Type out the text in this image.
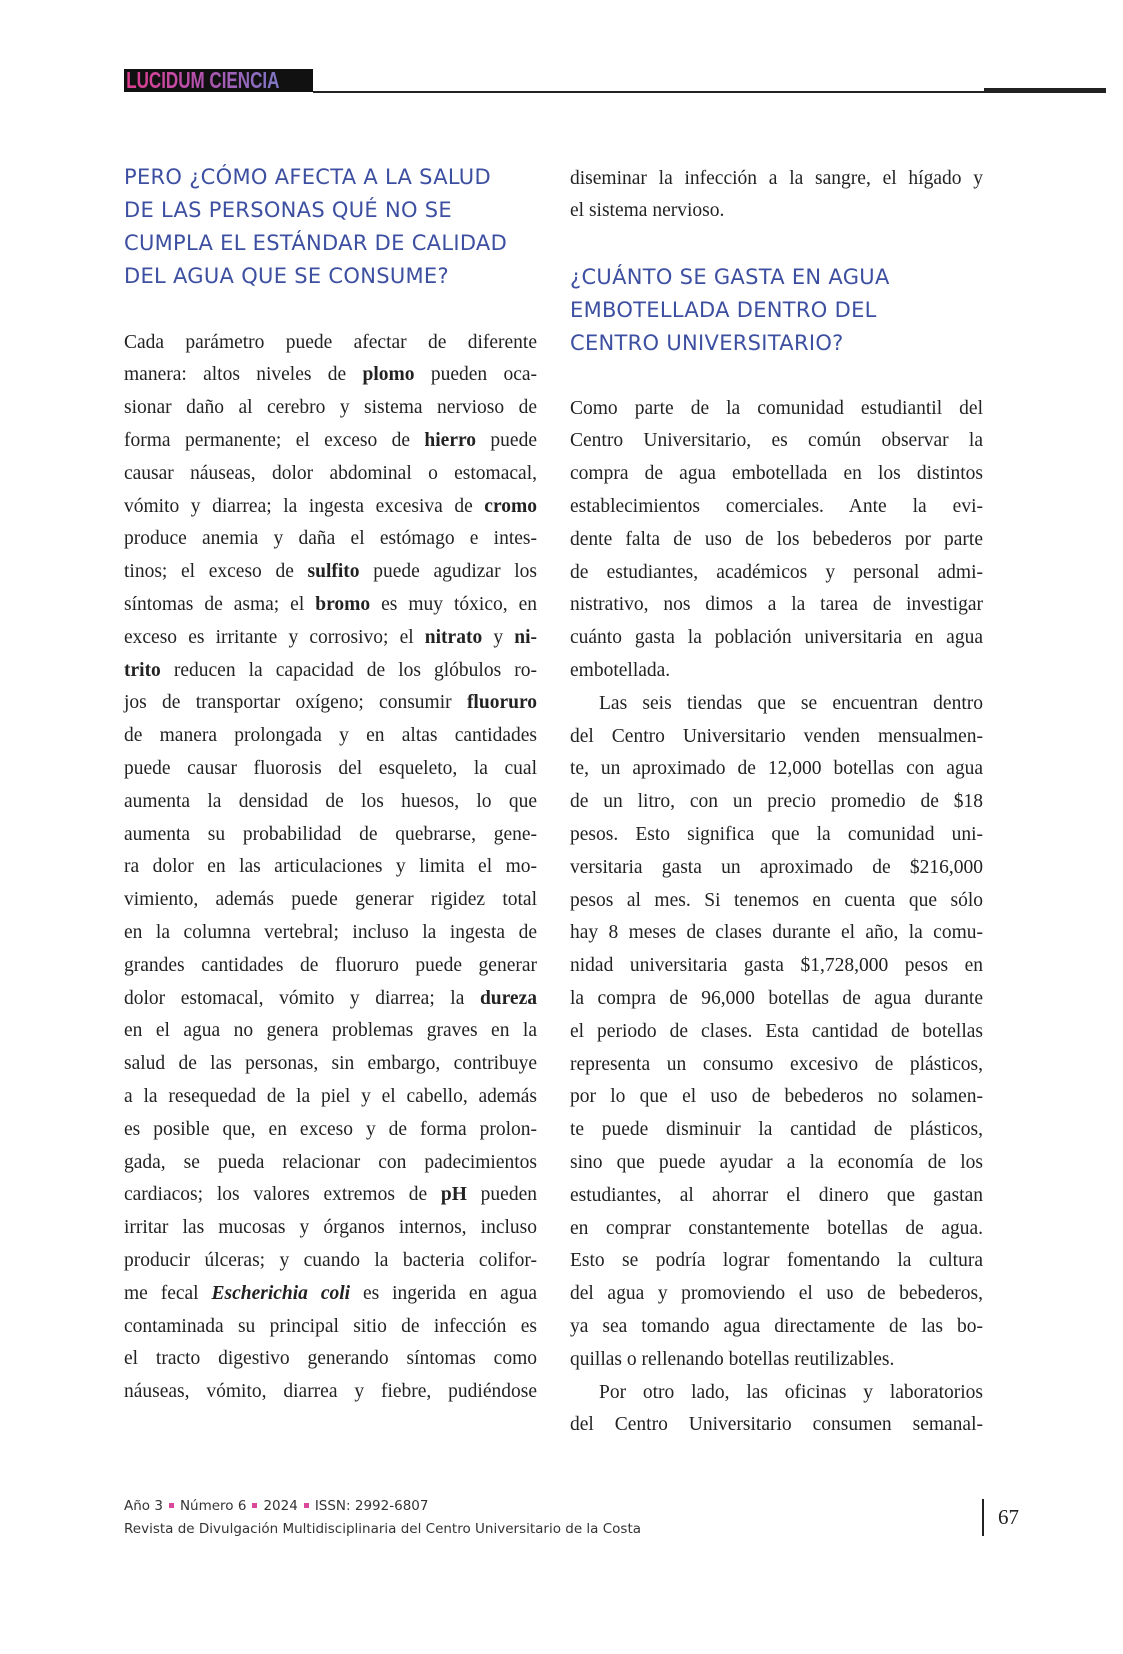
LUCIDUM CIENCIA
PERO ¿CÓMO AFECTA A LA SALUD
DE LAS PERSONAS QUÉ NO SE
CUMPLA EL ESTÁNDAR DE CALIDAD
DEL AGUA QUE SE CONSUME?
Cada parámetro puede afectar de diferente
manera: altos niveles de plomo pueden oca-
sionar daño al cerebro y sistema nervioso de
forma permanente; el exceso de hierro puede
causar náuseas, dolor abdominal o estomacal,
vómito y diarrea; la ingesta excesiva de cromo
produce anemia y daña el estómago e intes-
tinos; el exceso de sulfito puede agudizar los
síntomas de asma; el bromo es muy tóxico, en
exceso es irritante y corrosivo; el nitrato y ni-
trito reducen la capacidad de los glóbulos ro-
jos de transportar oxígeno; consumir fluoruro
de manera prolongada y en altas cantidades
puede causar fluorosis del esqueleto, la cual
aumenta la densidad de los huesos, lo que
aumenta su probabilidad de quebrarse, gene-
ra dolor en las articulaciones y limita el mo-
vimiento, además puede generar rigidez total
en la columna vertebral; incluso la ingesta de
grandes cantidades de fluoruro puede generar
dolor estomacal, vómito y diarrea; la dureza
en el agua no genera problemas graves en la
salud de las personas, sin embargo, contribuye
a la resequedad de la piel y el cabello, además
es posible que, en exceso y de forma prolon-
gada, se pueda relacionar con padecimientos
cardiacos; los valores extremos de pH pueden
irritar las mucosas y órganos internos, incluso
producir úlceras; y cuando la bacteria colifor-
me fecal Escherichia coli es ingerida en agua
contaminada su principal sitio de infección es
el tracto digestivo generando síntomas como
náuseas, vómito, diarrea y fiebre, pudiéndose
diseminar la infección a la sangre, el hígado y
el sistema nervioso.
¿CUÁNTO SE GASTA EN AGUA
EMBOTELLADA DENTRO DEL
CENTRO UNIVERSITARIO?
Como parte de la comunidad estudiantil del
Centro Universitario, es común observar la
compra de agua embotellada en los distintos
establecimientos comerciales. Ante la evi-
dente falta de uso de los bebederos por parte
de estudiantes, académicos y personal admi-
nistrativo, nos dimos a la tarea de investigar
cuánto gasta la población universitaria en agua
embotellada.
Las seis tiendas que se encuentran dentro
del Centro Universitario venden mensualmen-
te, un aproximado de 12,000 botellas con agua
de un litro, con un precio promedio de $18
pesos. Esto significa que la comunidad uni-
versitaria gasta un aproximado de $216,000
pesos al mes. Si tenemos en cuenta que sólo
hay 8 meses de clases durante el año, la comu-
nidad universitaria gasta $1,728,000 pesos en
la compra de 96,000 botellas de agua durante
el periodo de clases. Esta cantidad de botellas
representa un consumo excesivo de plásticos,
por lo que el uso de bebederos no solamen-
te puede disminuir la cantidad de plásticos,
sino que puede ayudar a la economía de los
estudiantes, al ahorrar el dinero que gastan
en comprar constantemente botellas de agua.
Esto se podría lograr fomentando la cultura
del agua y promoviendo el uso de bebederos,
ya sea tomando agua directamente de las bo-
quillas o rellenando botellas reutilizables.
Por otro lado, las oficinas y laboratorios
del Centro Universitario consumen semanal-
Año 3 Número 6 2024 ISSN: 2992-6807
Revista de Divulgación Multidisciplinaria del Centro Universitario de la Costa	67
